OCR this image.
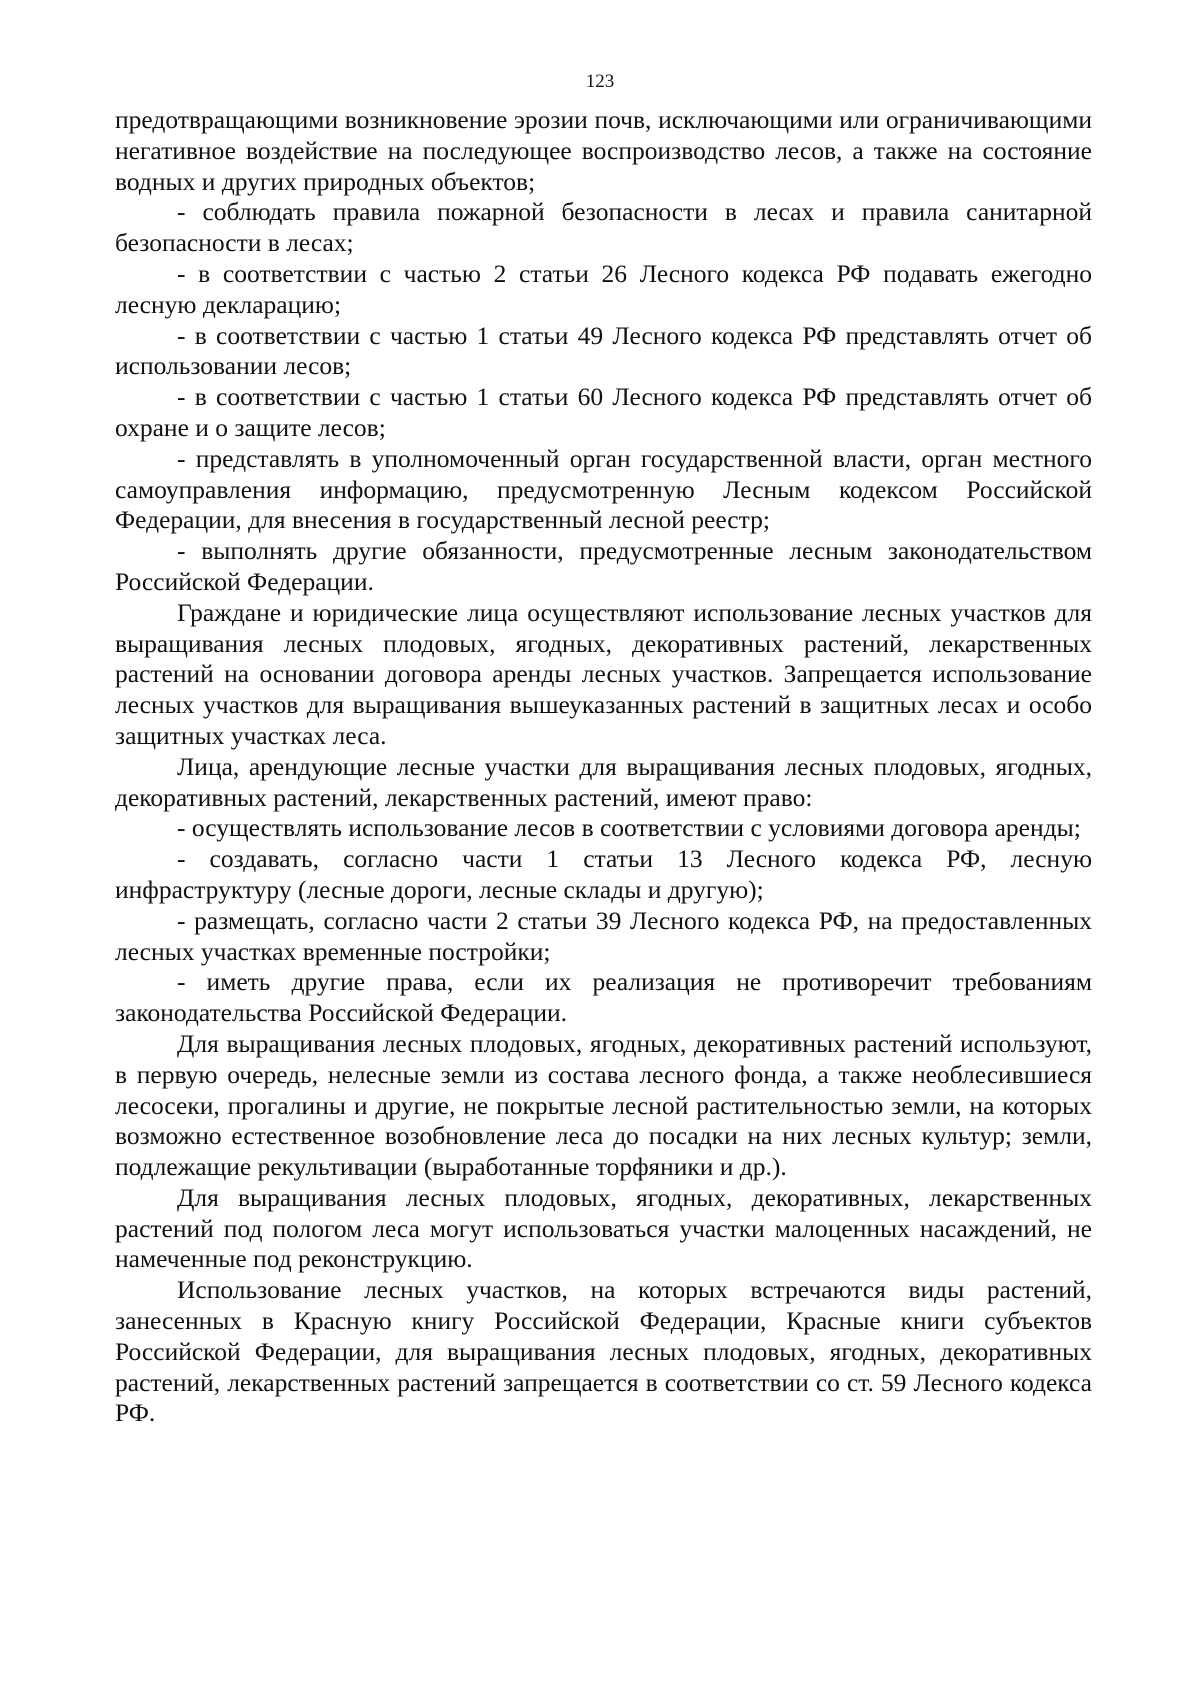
123

предотвращающими возникновение эрозии почв, исключающими или ограничивающими негативное воздействие на последующее воспроизводство лесов, а также на состояние водных и других природных объектов;

- соблюдать правила пожарной безопасности в лесах и правила санитарной безопасности в лесах;

- в соответствии с частью 2 статьи 26 Лесного кодекса РФ подавать ежегодно лесную декларацию;

- в соответствии с частью 1 статьи 49 Лесного кодекса РФ представлять отчет об использовании лесов;

- в соответствии с частью 1 статьи 60 Лесного кодекса РФ представлять отчет об охране и о защите лесов;

- представлять в уполномоченный орган государственной власти, орган местного самоуправления информацию, предусмотренную Лесным кодексом Российской Федерации, для внесения в государственный лесной реестр;

- выполнять другие обязанности, предусмотренные лесным законодательством Российской Федерации.

Граждане и юридические лица осуществляют использование лесных участков для выращивания лесных плодовых, ягодных, декоративных растений, лекарственных растений на основании договора аренды лесных участков. Запрещается использование лесных участков для выращивания вышеуказанных растений в защитных лесах и особо защитных участках леса.

Лица, арендующие лесные участки для выращивания лесных плодовых, ягодных, декоративных растений, лекарственных растений, имеют право:

- осуществлять использование лесов в соответствии с условиями договора аренды;

- создавать, согласно части 1 статьи 13 Лесного кодекса РФ, лесную инфраструктуру (лесные дороги, лесные склады и другую);

- размещать, согласно части 2 статьи 39 Лесного кодекса РФ, на предоставленных лесных участках временные постройки;

- иметь другие права, если их реализация не противоречит требованиям законодательства Российской Федерации.

Для выращивания лесных плодовых, ягодных, декоративных растений используют, в первую очередь, нелесные земли из состава лесного фонда, а также необлесившиеся лесосеки, прогалины и другие, не покрытые лесной растительностью земли, на которых возможно естественное возобновление леса до посадки на них лесных культур; земли, подлежащие рекультивации (выработанные торфяники и др.).

Для выращивания лесных плодовых, ягодных, декоративных, лекарственных растений под пологом леса могут использоваться участки малоценных насаждений, не намеченные под реконструкцию.

Использование лесных участков, на которых встречаются виды растений, занесенных в Красную книгу Российской Федерации, Красные книги субъектов Российской Федерации, для выращивания лесных плодовых, ягодных, декоративных растений, лекарственных растений запрещается в соответствии со ст. 59 Лесного кодекса РФ.
